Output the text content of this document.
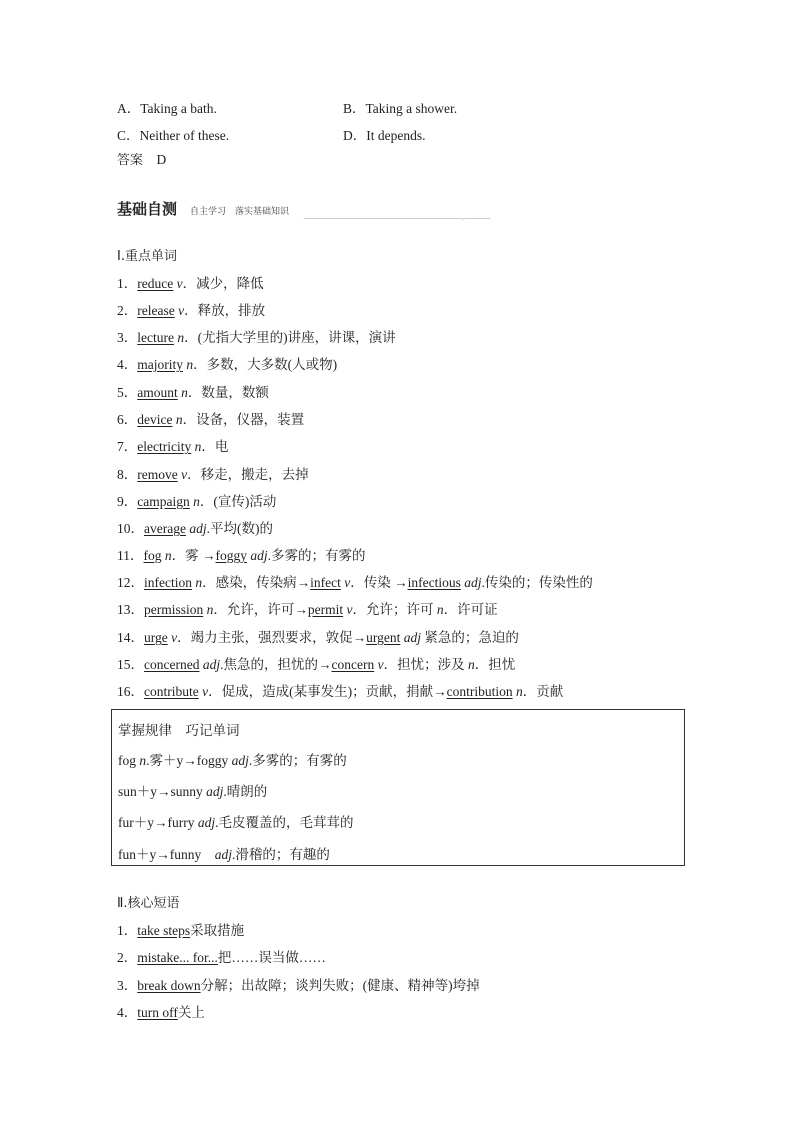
A．Taking a bath.	B．Taking a shower.
C．Neither of these.	D．It depends.
答案　 D
基础自测 自主学习　落实基础知识
Ⅰ.重点单词
1．reduce v．减少，降低
2．release v．释放，排放
3．lecture n．(尤指大学里的)讲座，讲课，演讲
4．majority n．多数，大多数(人或物)
5．amount n．数量，数额
6．device n．设备，仪器，装置
7．electricity n．电
8．remove v．移走，搬走，去掉
9．campaign n．(宣传)活动
10．average adj.平均(数)的
11．fog n．雾 →foggy adj.多雾的；有雾的
12．infection n．感染，传染病→infect v．传染 →infectious adj.传染的；传染性的
13．permission n．允许，许可→permit v．允许；许可 n．许可证
14．urge v．竭力主张，强烈要求，敦促→urgent adj 紧急的；急迫的
15．concerned adj.焦急的，担忧的→concern v．担忧；涉及 n．担忧
16．contribute v．促成，造成(某事发生)；贡献，捐献→contribution n．贡献
掌握规律　巧记单词
fog n.雾＋y→foggy adj.多雾的；有雾的
sun＋y→sunny adj.晴朗的
fur＋y→furry adj.毛皮覆盖的，毛茸茸的
fun＋y→funny　adj.滑稽的；有趣的
Ⅱ.核心短语
1．take steps采取措施
2．mistake... for...把……误当做……
3．break down分解；出故障；谈判失败；(健康、精神等)垮掉
4．turn off关上
